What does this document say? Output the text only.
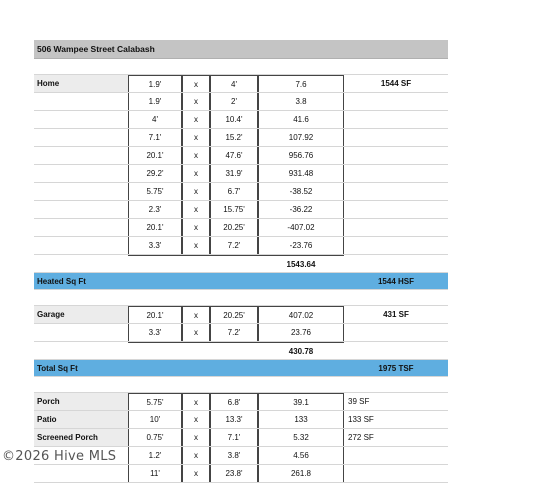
506 Wampee Street Calabash
Home	1.9'	x	4'	7.6	1544 SF
1.9'	x	2'	3.8
4'	x	10.4'	41.6
7.1'	x	15.2'	107.92
20.1'	x	47.6'	956.76
29.2'	x	31.9'	931.48
5.75'	x	6.7'	-38.52
2.3'	x	15.75'	-36.22
20.1'	x	20.25'	-407.02
3.3'	x	7.2'	-23.76
1543.64
Heated Sq Ft	1544 HSF
Garage	20.1'	x	20.25'	407.02	431 SF
3.3'	x	7.2'	23.76
430.78
Total Sq Ft	1975 TSF
Porch	5.75'	x	6.8'	39.1	39 SF
Patio	10'	x	13.3'	133	133 SF
Screened Porch	0.75'	x	7.1'	5.32	272 SF
1.2'	x	3.8'	4.56
11'	x	23.8'	261.8
©2026 Hive MLS
